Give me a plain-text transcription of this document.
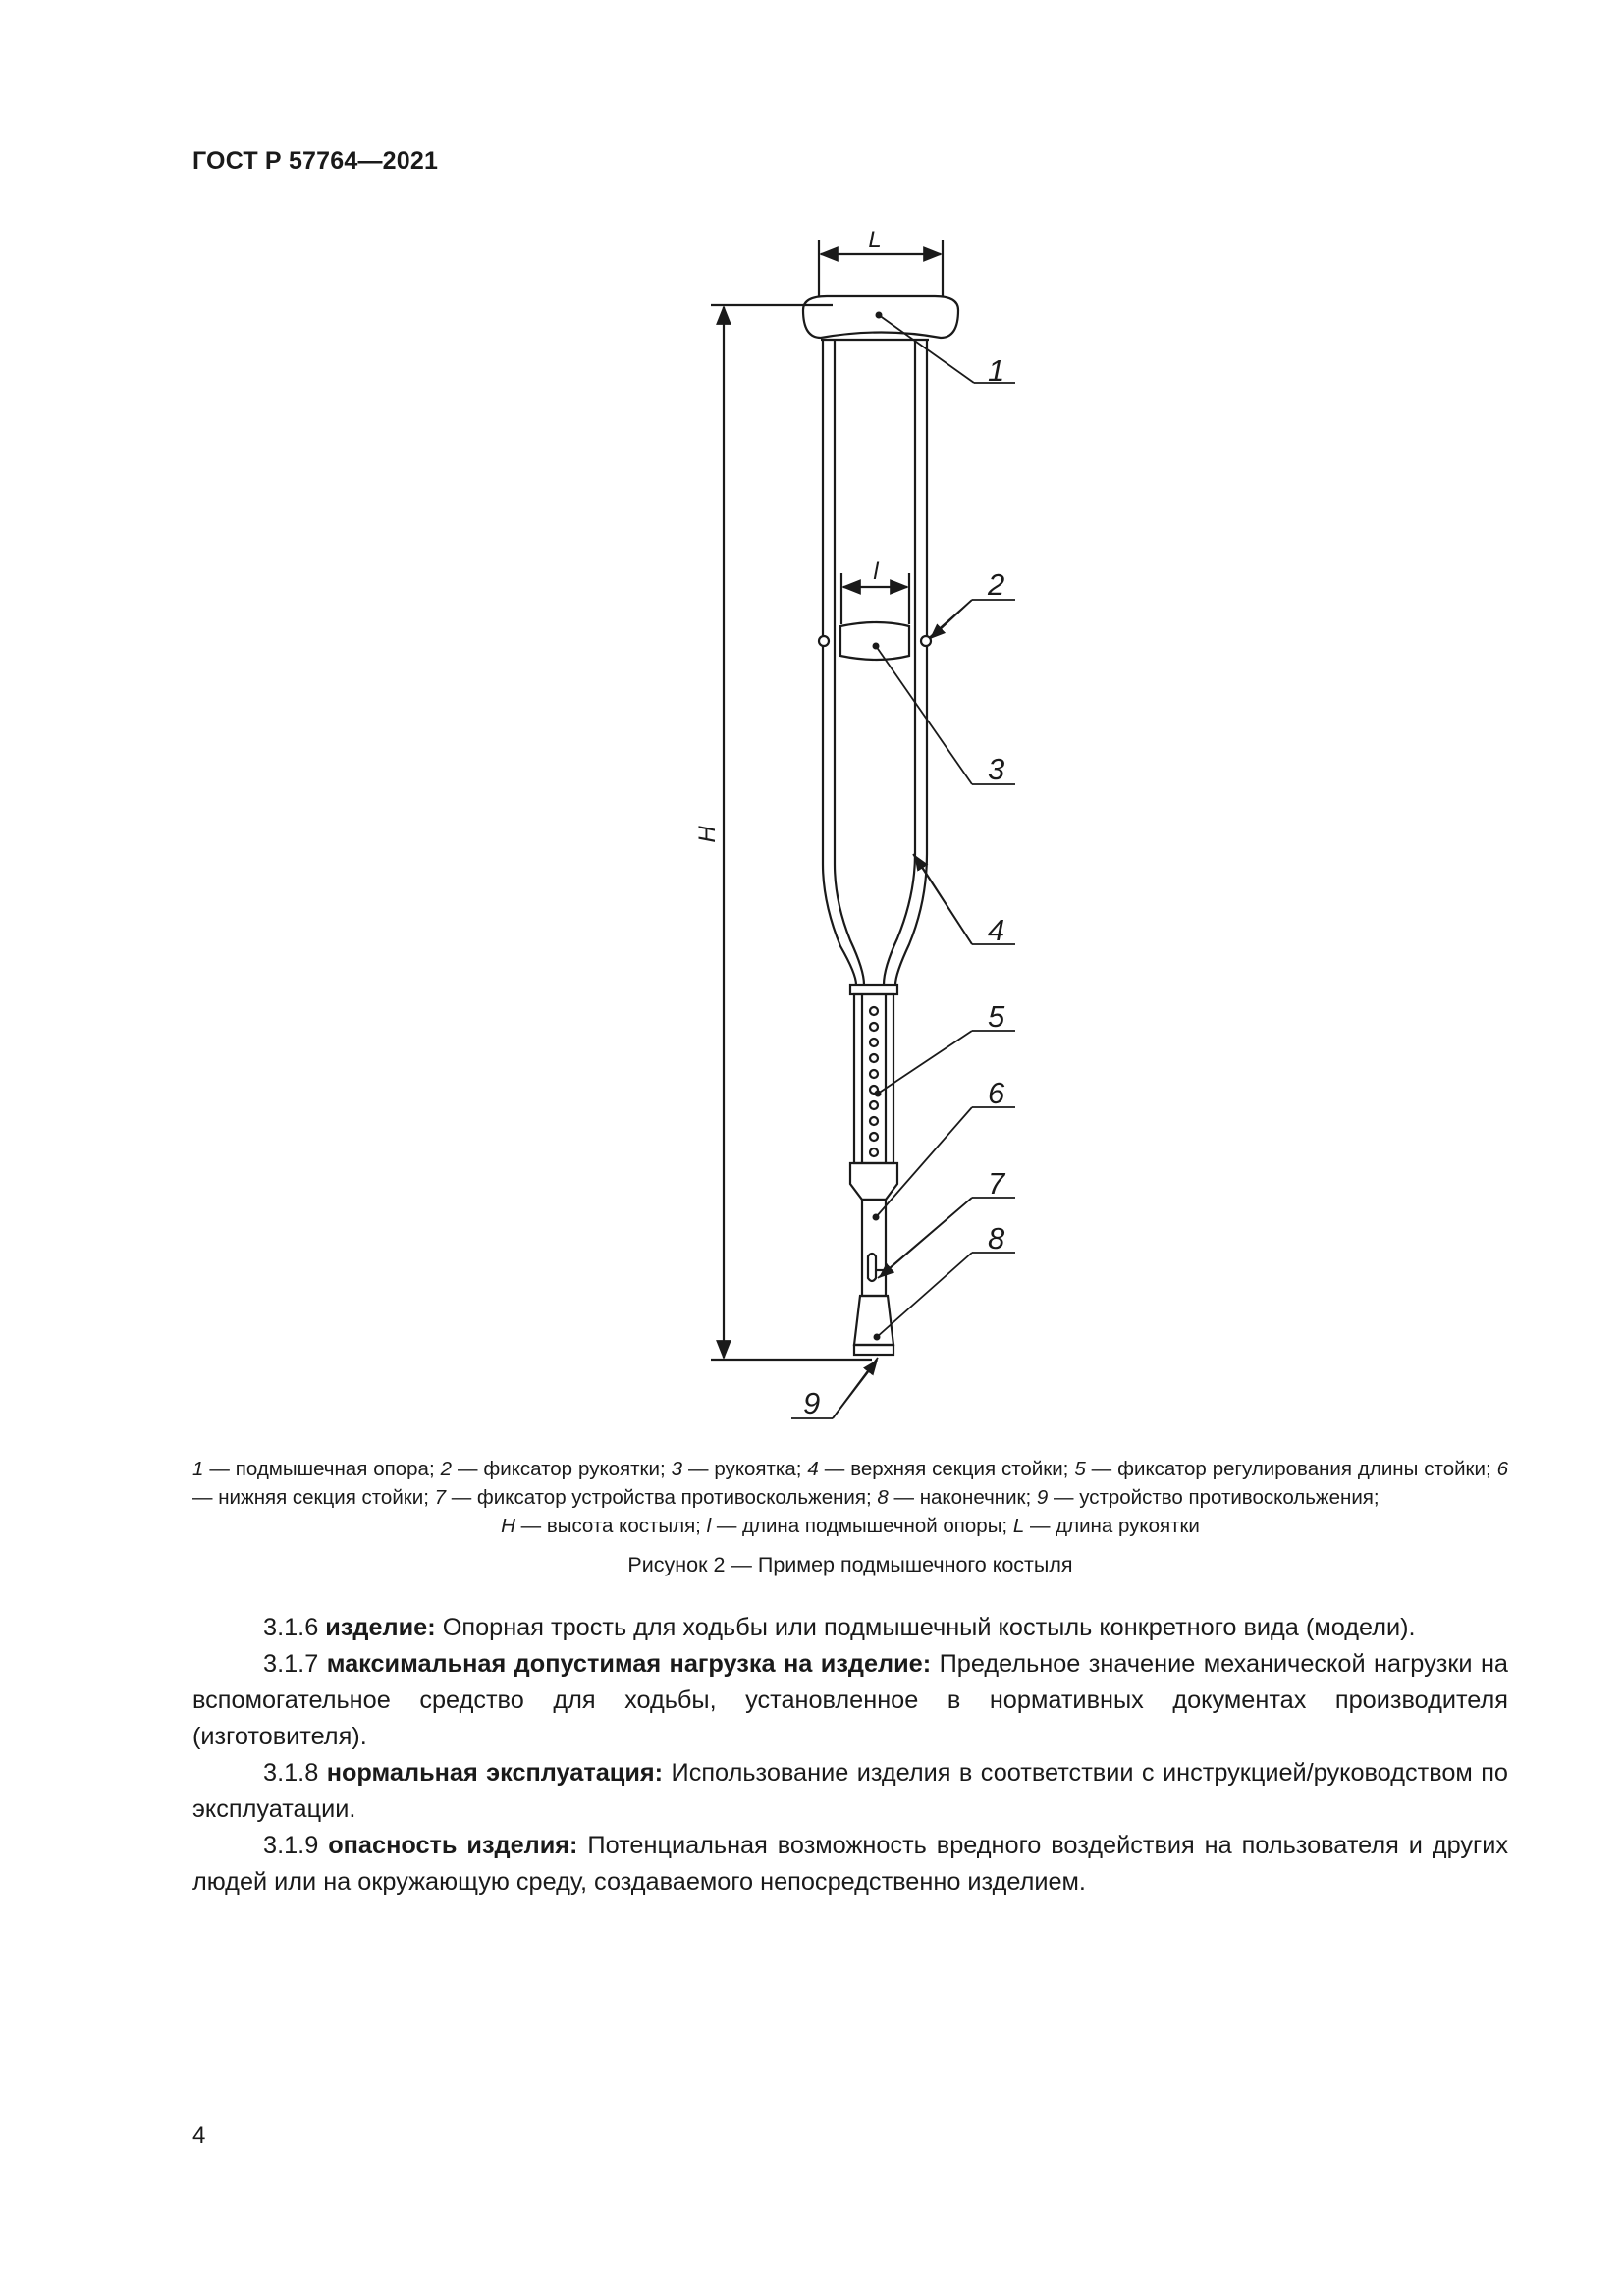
ГОСТ Р 57764—2021
L
l
H
1
2
3
4
5
6
7
8
9
1 — подмышечная опора; 2 — фиксатор рукоятки; 3 — рукоятка; 4 — верхняя секция стойки; 5 — фиксатор регулирования длины стойки; 6 — нижняя секция стойки; 7 — фиксатор устройства противоскольжения; 8 — наконечник; 9 — устройство противоскольжения;
H — высота костыля; l — длина подмышечной опоры; L — длина рукоятки
Рисунок 2 — Пример подмышечного костыля

3.1.6 изделие: Опорная трость для ходьбы или подмышечный костыль конкретного вида (модели).

3.1.7 максимальная допустимая нагрузка на изделие: Предельное значение механической нагрузки на вспомогательное средство для ходьбы, установленное в нормативных документах производителя (изготовителя).

3.1.8 нормальная эксплуатация: Использование изделия в соответствии с инструкцией/руководством по эксплуатации.

3.1.9 опасность изделия: Потенциальная возможность вредного воздействия на пользователя и других людей или на окружающую среду, создаваемого непосредственно изделием.

4
